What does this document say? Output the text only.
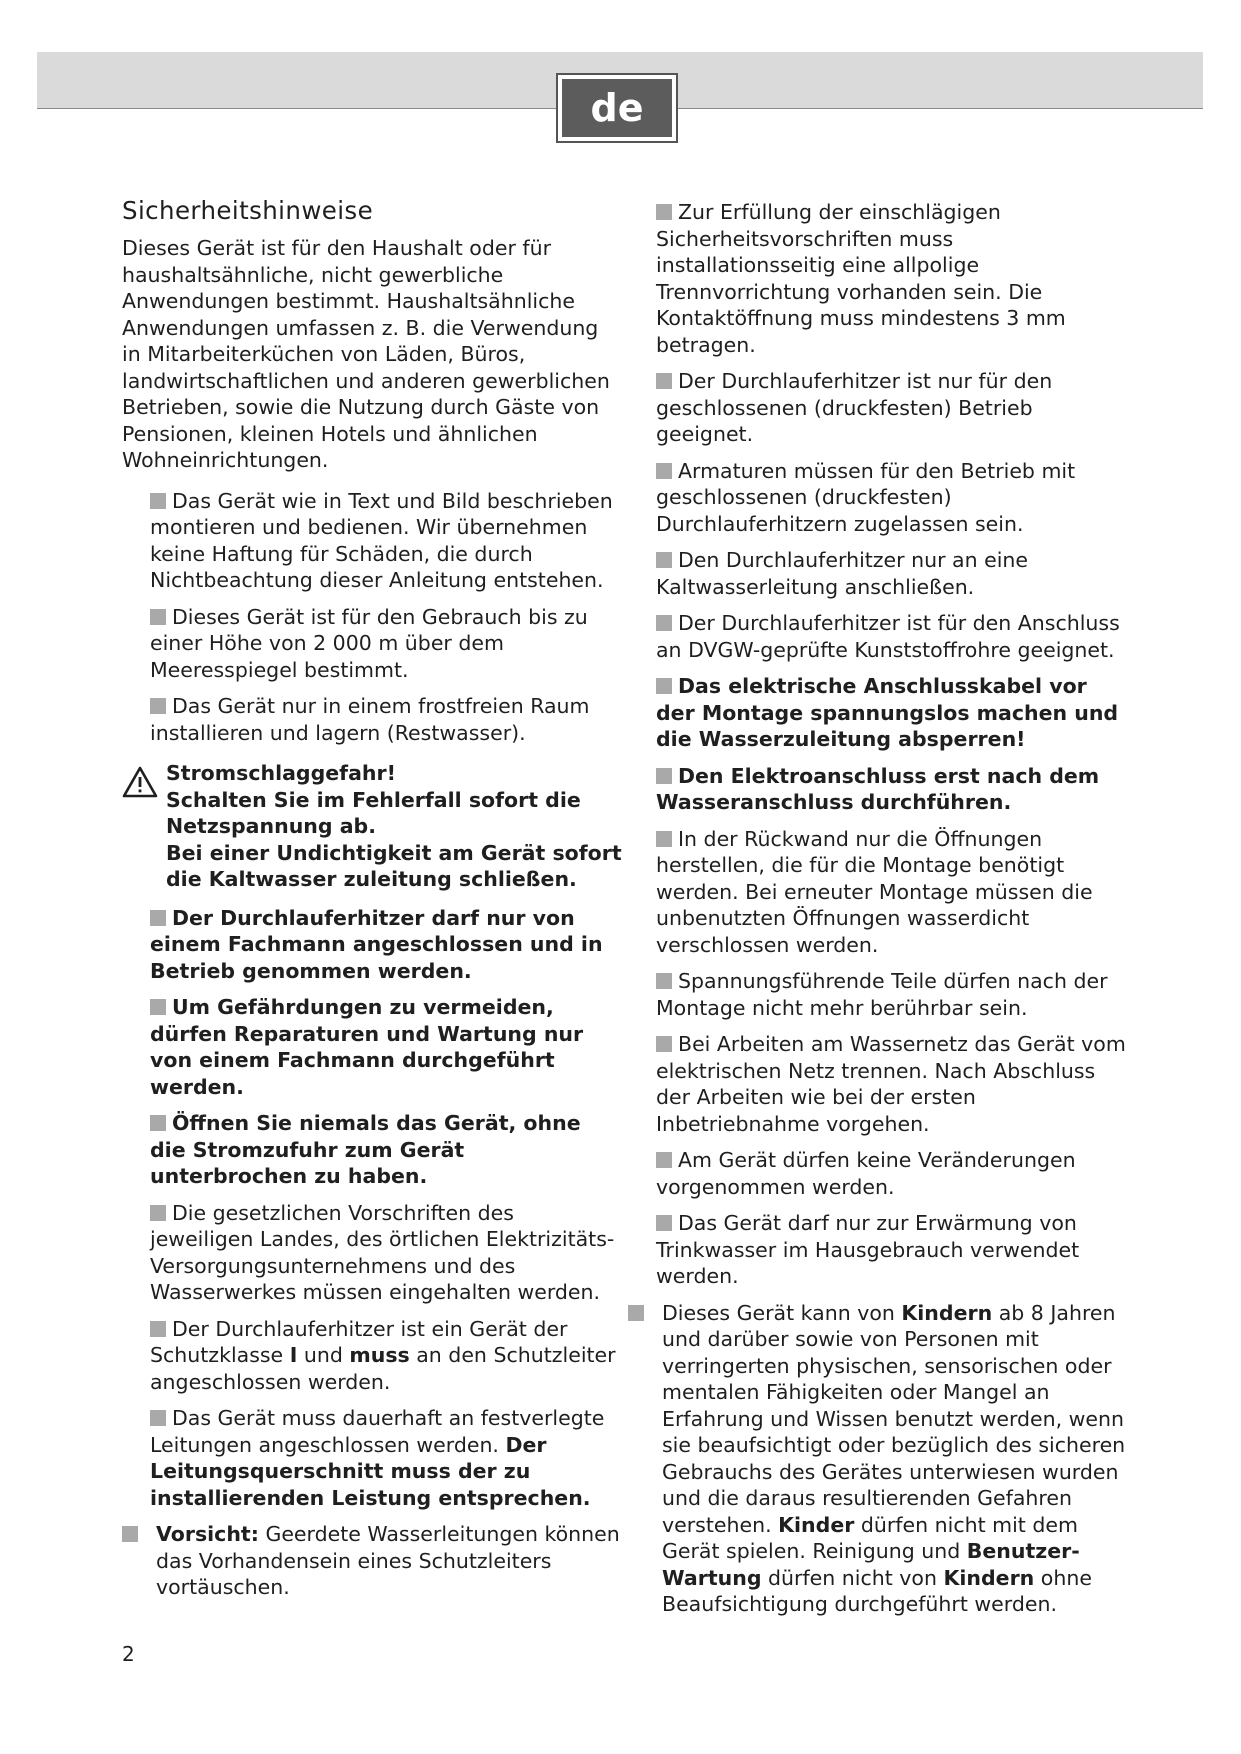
de
Sicherheitshinweise

Dieses Gerät ist für den Haushalt oder für haushaltsähnliche, nicht gewerbliche Anwendungen bestimmt. Haushaltsähnliche Anwendungen umfassen z. B. die Verwendung in Mitarbeiterküchen von Läden, Büros, landwirtschaftlichen und anderen gewerblichen Betrieben, sowie die Nutzung durch Gäste von Pensionen, kleinen Hotels und ähnlichen Wohneinrichtungen.

Das Gerät wie in Text und Bild beschrieben montieren und bedienen. Wir übernehmen keine Haftung für Schäden, die durch Nichtbeachtung dieser Anleitung entstehen.
Dieses Gerät ist für den Gebrauch bis zu einer Höhe von 2 000 m über dem Meeresspiegel bestimmt.
Das Gerät nur in einem frostfreien Raum installieren und lagern (Restwasser).
Stromschlaggefahr!
Schalten Sie im Fehlerfall sofort die Netzspannung ab.
Bei einer Undichtigkeit am Gerät sofort die Kaltwasser zuleitung schließen.
Der Durchlauferhitzer darf nur von einem Fachmann angeschlossen und in Betrieb genommen werden.
Um Gefährdungen zu vermeiden, dürfen Reparaturen und Wartung nur von einem Fachmann durchgeführt werden.
Öffnen Sie niemals das Gerät, ohne die Stromzufuhr zum Gerät unterbrochen zu haben.
Die gesetzlichen Vorschriften des jeweiligen Landes, des örtlichen Elektrizitäts-Versorgungsunternehmens und des Wasserwerkes müssen eingehalten werden.
Der Durchlauferhitzer ist ein Gerät der Schutzklasse I und muss an den Schutzleiter angeschlossen werden.
Das Gerät muss dauerhaft an festverlegte Leitungen angeschlossen werden. Der Leitungsquerschnitt muss der zu installierenden Leistung entsprechen.
Vorsicht: Geerdete Wasserleitungen können das Vorhandensein eines Schutzleiters vortäuschen.
Zur Erfüllung der einschlägigen Sicherheitsvorschriften muss installationsseitig eine allpolige Trennvorrichtung vorhanden sein. Die Kontaktöffnung muss mindestens 3 mm betragen.
Der Durchlauferhitzer ist nur für den geschlossenen (druckfesten) Betrieb geeignet.
Armaturen müssen für den Betrieb mit geschlossenen (druckfesten) Durchlauferhitzern zugelassen sein.
Den Durchlauferhitzer nur an eine Kaltwasserleitung anschließen.
Der Durchlauferhitzer ist für den Anschluss an DVGW-geprüfte Kunststoffrohre geeignet.
Das elektrische Anschlusskabel vor der Montage spannungslos machen und die Wasserzuleitung absperren!
Den Elektroanschluss erst nach dem Wasseranschluss durchführen.
In der Rückwand nur die Öffnungen herstellen, die für die Montage benötigt werden. Bei erneuter Montage müssen die unbenutzten Öffnungen wasserdicht verschlossen werden.
Spannungsführende Teile dürfen nach der Montage nicht mehr berührbar sein.
Bei Arbeiten am Wassernetz das Gerät vom elektrischen Netz trennen. Nach Abschluss der Arbeiten wie bei der ersten Inbetriebnahme vorgehen.
Am Gerät dürfen keine Veränderungen vorgenommen werden.
Das Gerät darf nur zur Erwärmung von Trinkwasser im Hausgebrauch verwendet werden.
Dieses Gerät kann von Kindern ab 8 Jahren und darüber sowie von Personen mit verringerten physischen, sensorischen oder mentalen Fähigkeiten oder Mangel an Erfahrung und Wissen benutzt werden, wenn sie beaufsichtigt oder bezüglich des sicheren Gebrauchs des Gerätes unterwiesen wurden und die daraus resultierenden Gefahren verstehen. Kinder dürfen nicht mit dem Gerät spielen. Reinigung und Benutzer-Wartung dürfen nicht von Kindern ohne Beaufsichtigung durchgeführt werden.
2
